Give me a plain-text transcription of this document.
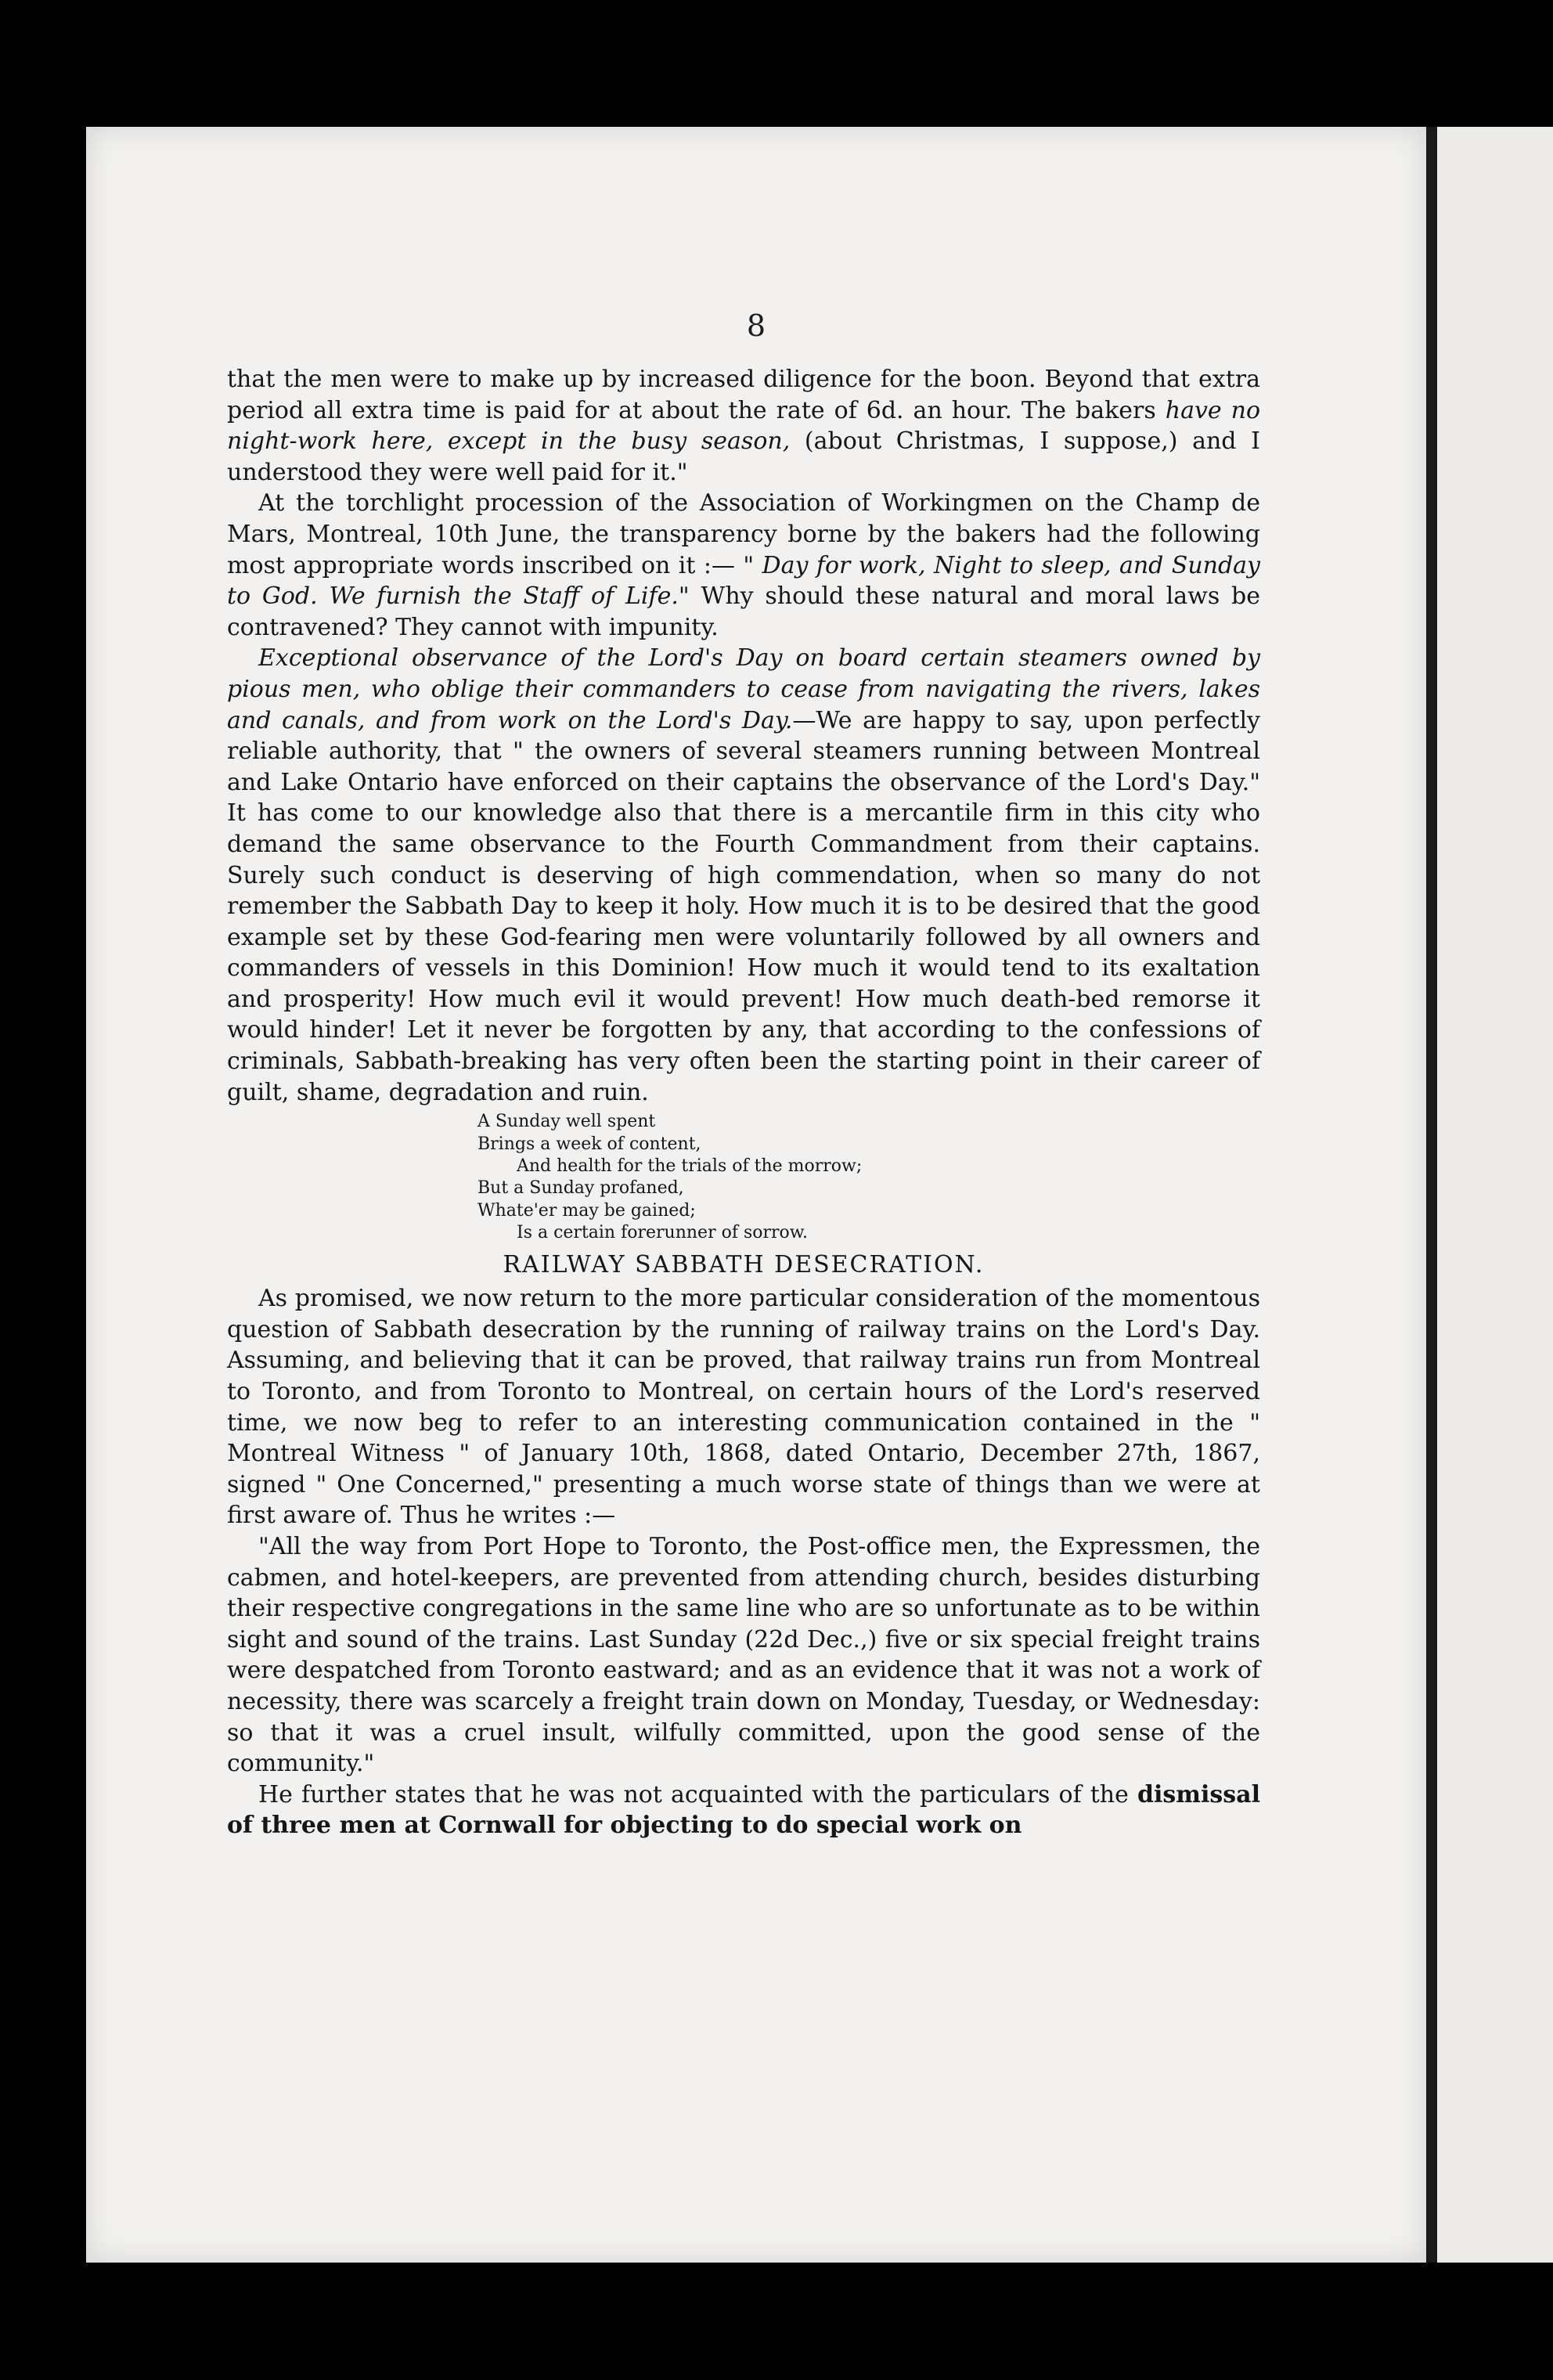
8

that the men were to make up by increased diligence for the boon. Beyond that extra period all extra time is paid for at about the rate of 6d. an hour. The bakers have no night-work here, except in the busy season, (about Christmas, I suppose,) and I understood they were well paid for it."

At the torchlight procession of the Association of Workingmen on the Champ de Mars, Montreal, 10th June, the transparency borne by the bakers had the following most appropriate words inscribed on it :— " Day for work, Night to sleep, and Sunday to God. We furnish the Staff of Life." Why should these natural and moral laws be contravened? They cannot with impunity.

Exceptional observance of the Lord's Day on board certain steamers owned by pious men, who oblige their commanders to cease from navigating the rivers, lakes and canals, and from work on the Lord's Day.—We are happy to say, upon perfectly reliable authority, that " the owners of several steamers running between Montreal and Lake Ontario have enforced on their captains the observance of the Lord's Day." It has come to our knowledge also that there is a mercantile firm in this city who demand the same observance to the Fourth Commandment from their captains. Surely such conduct is deserving of high commendation, when so many do not remember the Sabbath Day to keep it holy. How much it is to be desired that the good example set by these God-fearing men were voluntarily followed by all owners and commanders of vessels in this Dominion! How much it would tend to its exaltation and prosperity! How much evil it would prevent! How much death-bed remorse it would hinder! Let it never be forgotten by any, that according to the confessions of criminals, Sabbath-breaking has very often been the starting point in their career of guilt, shame, degradation and ruin.

A Sunday well spent
Brings a week of content,
And health for the trials of the morrow;
But a Sunday profaned,
Whate'er may be gained;
Is a certain forerunner of sorrow.
RAILWAY SABBATH DESECRATION.

As promised, we now return to the more particular consideration of the momentous question of Sabbath desecration by the running of railway trains on the Lord's Day. Assuming, and believing that it can be proved, that railway trains run from Montreal to Toronto, and from Toronto to Montreal, on certain hours of the Lord's reserved time, we now beg to refer to an interesting communication contained in the " Montreal Witness " of January 10th, 1868, dated Ontario, December 27th, 1867, signed " One Concerned," presenting a much worse state of things than we were at first aware of. Thus he writes :—

"All the way from Port Hope to Toronto, the Post-office men, the Expressmen, the cabmen, and hotel-keepers, are prevented from attending church, besides disturbing their respective congregations in the same line who are so unfortunate as to be within sight and sound of the trains. Last Sunday (22d Dec.,) five or six special freight trains were despatched from Toronto eastward; and as an evidence that it was not a work of necessity, there was scarcely a freight train down on Monday, Tuesday, or Wednesday: so that it was a cruel insult, wilfully committed, upon the good sense of the community."

He further states that he was not acquainted with the particulars of the dismissal of three men at Cornwall for objecting to do special work on
